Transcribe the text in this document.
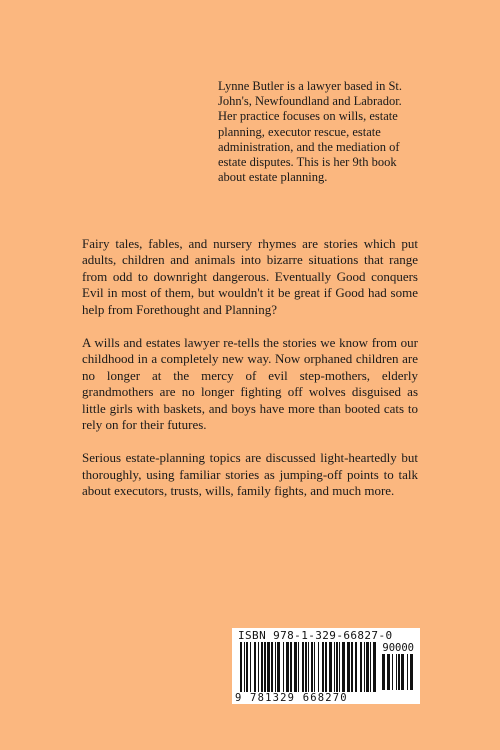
Lynne Butler is a lawyer based in St. John's, Newfoundland and Labrador. Her practice focuses on wills, estate planning, executor rescue, estate administration, and the mediation of estate disputes. This is her 9th book about estate planning.

Fairy tales, fables, and nursery rhymes are stories which put adults, children and animals into bizarre situations that range from odd to downright dangerous. Eventually Good conquers Evil in most of them, but wouldn't it be great if Good had some help from Forethought and Planning?

A wills and estates lawyer re-tells the stories we know from our childhood in a completely new way. Now orphaned children are no longer at the mercy of evil step-mothers, elderly grandmothers are no longer fighting off wolves disguised as little girls with baskets, and boys have more than booted cats to rely on for their futures.

Serious estate-planning topics are discussed light-heartedly but thoroughly, using familiar stories as jumping-off points to talk about executors, trusts, wills, family fights, and much more.

ISBN 978-1-329-66827-0
90000
9 781329 668270
